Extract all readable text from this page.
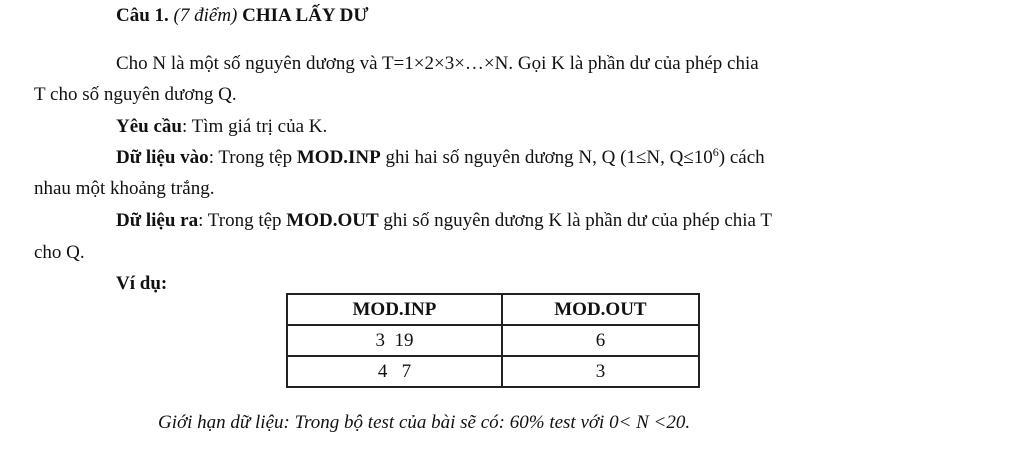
Câu 1. (7 điểm) CHIA LẤY DƯ
Cho N là một số nguyên dương và T=1×2×3×…×N. Gọi K là phần dư của phép chia
T cho số nguyên dương Q.
Yêu cầu: Tìm giá trị của K.
Dữ liệu vào: Trong tệp MOD.INP ghi hai số nguyên dương N, Q (1≤N, $Q\le 10^6$) cách
nhau một khoảng trắng.
Dữ liệu ra: Trong tệp MOD.OUT ghi số nguyên dương K là phần dư của phép chia T
cho Q.
Ví dụ:
MOD.INP	MOD.OUT
3  19	6
4   7	3
Giới hạn dữ liệu: Trong bộ test của bài sẽ có: 60% test với 0< N <20.
